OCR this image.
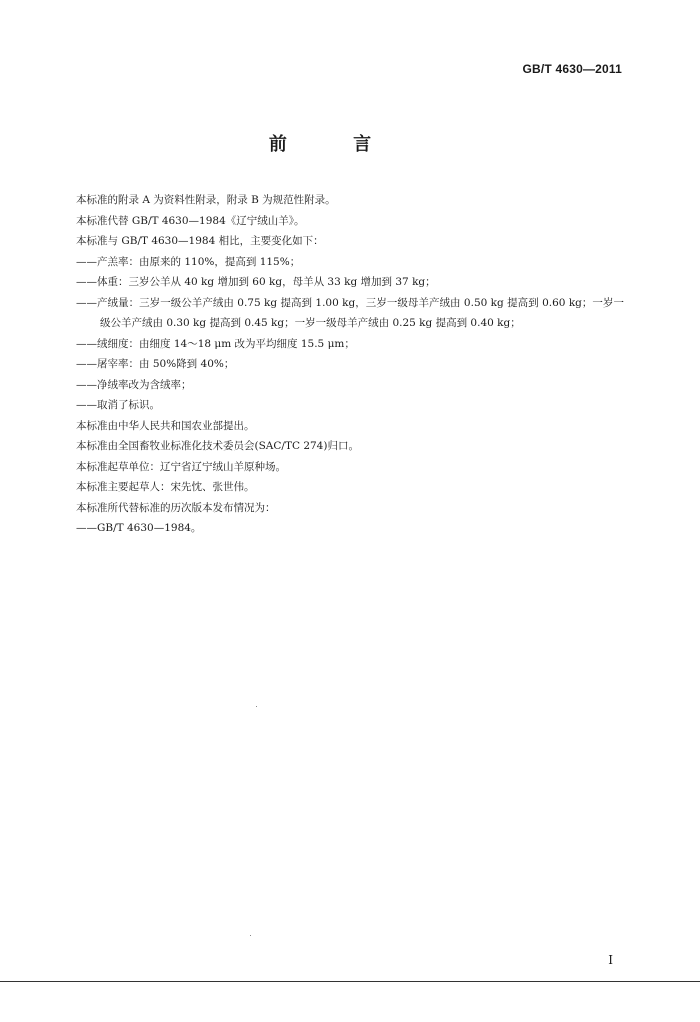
GB/T 4630—2011
前 言

本标准的附录 A 为资料性附录，附录 B 为规范性附录。

本标准代替 GB/T 4630—1984《辽宁绒山羊》。

本标准与 GB/T 4630—1984 相比，主要变化如下：

——产羔率：由原来的 110%，提高到 115%；

——体重：三岁公羊从 40 kg 增加到 60 kg，母羊从 33 kg 增加到 37 kg；

——产绒量：三岁一级公羊产绒由 0.75 kg 提高到 1.00 kg，三岁一级母羊产绒由 0.50 kg 提高到 0.60 kg；一岁一级公羊产绒由 0.30 kg 提高到 0.45 kg；一岁一级母羊产绒由 0.25 kg 提高到 0.40 kg；

——绒细度：由细度 14～18 μm 改为平均细度 15.5 μm；

——屠宰率：由 50%降到 40%；

——净绒率改为含绒率；

——取消了标识。

本标准由中华人民共和国农业部提出。

本标准由全国畜牧业标准化技术委员会(SAC/TC 274)归口。

本标准起草单位：辽宁省辽宁绒山羊原种场。

本标准主要起草人：宋先忱、张世伟。

本标准所代替标准的历次版本发布情况为：

——GB/T 4630—1984。

I
